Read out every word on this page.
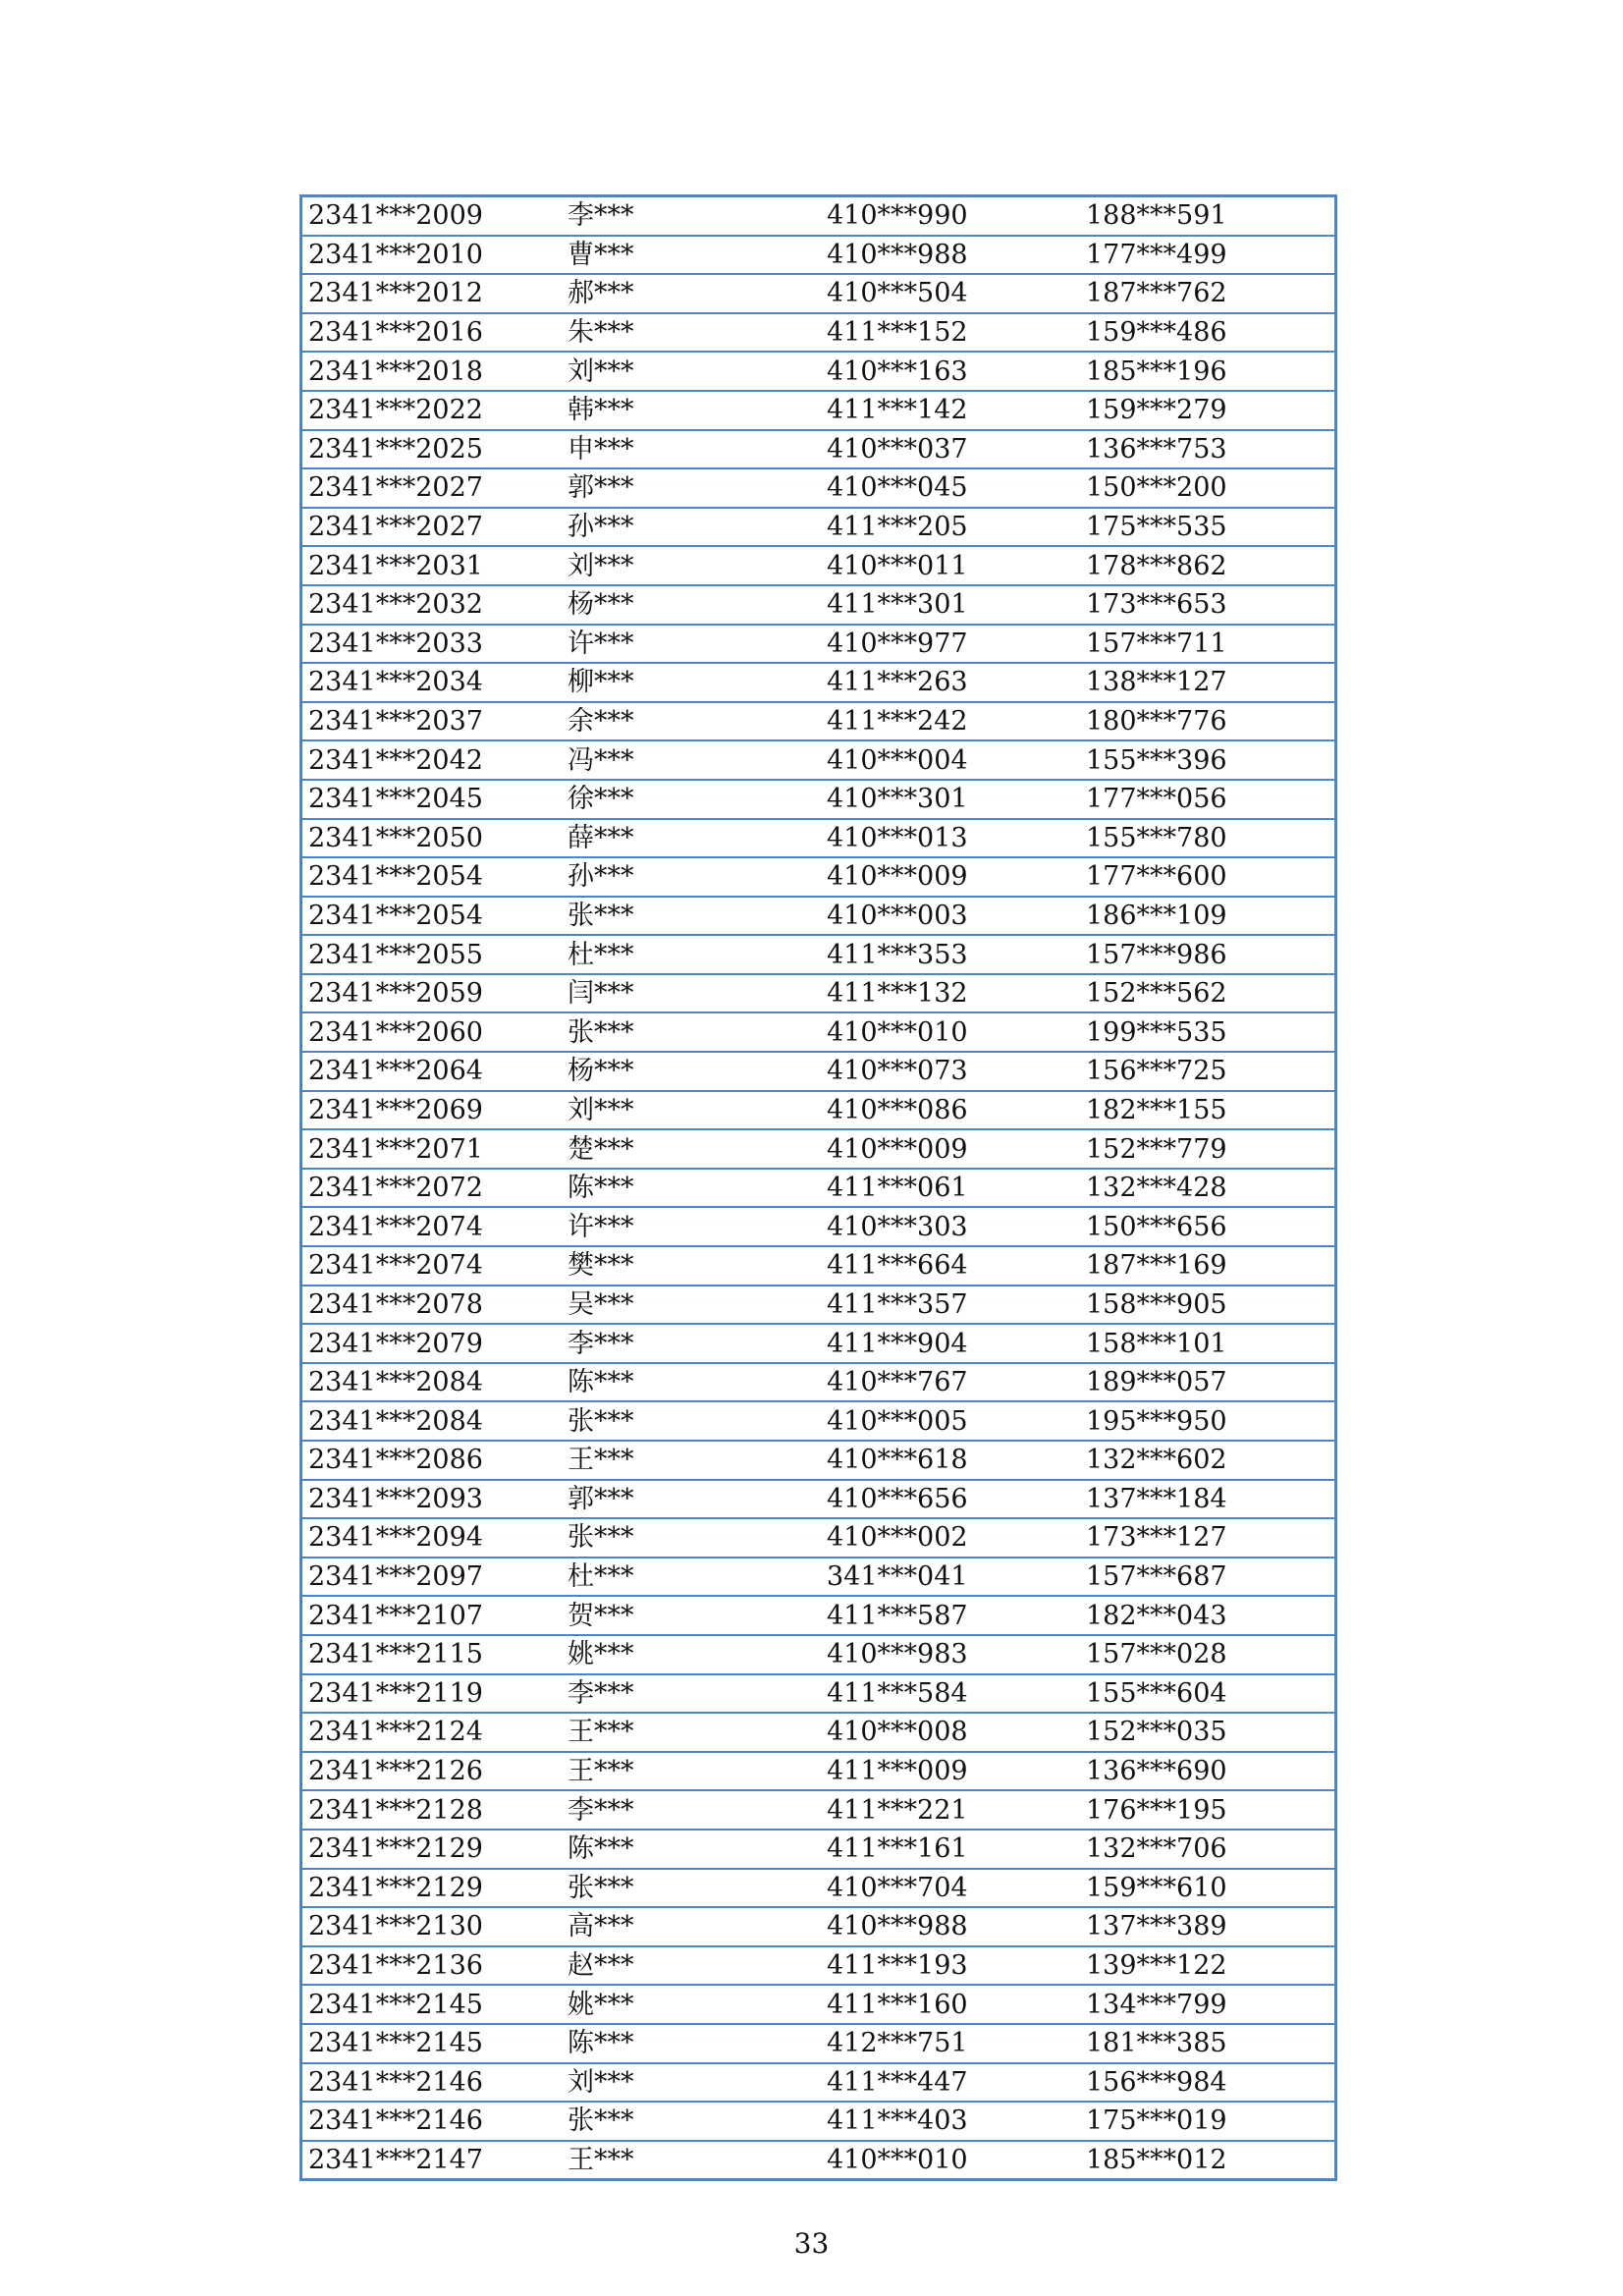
2341***2009	李***	410***990	188***591
2341***2010	曹***	410***988	177***499
2341***2012	郝***	410***504	187***762
2341***2016	朱***	411***152	159***486
2341***2018	刘***	410***163	185***196
2341***2022	韩***	411***142	159***279
2341***2025	申***	410***037	136***753
2341***2027	郭***	410***045	150***200
2341***2027	孙***	411***205	175***535
2341***2031	刘***	410***011	178***862
2341***2032	杨***	411***301	173***653
2341***2033	许***	410***977	157***711
2341***2034	柳***	411***263	138***127
2341***2037	余***	411***242	180***776
2341***2042	冯***	410***004	155***396
2341***2045	徐***	410***301	177***056
2341***2050	薛***	410***013	155***780
2341***2054	孙***	410***009	177***600
2341***2054	张***	410***003	186***109
2341***2055	杜***	411***353	157***986
2341***2059	闫***	411***132	152***562
2341***2060	张***	410***010	199***535
2341***2064	杨***	410***073	156***725
2341***2069	刘***	410***086	182***155
2341***2071	楚***	410***009	152***779
2341***2072	陈***	411***061	132***428
2341***2074	许***	410***303	150***656
2341***2074	樊***	411***664	187***169
2341***2078	吴***	411***357	158***905
2341***2079	李***	411***904	158***101
2341***2084	陈***	410***767	189***057
2341***2084	张***	410***005	195***950
2341***2086	王***	410***618	132***602
2341***2093	郭***	410***656	137***184
2341***2094	张***	410***002	173***127
2341***2097	杜***	341***041	157***687
2341***2107	贺***	411***587	182***043
2341***2115	姚***	410***983	157***028
2341***2119	李***	411***584	155***604
2341***2124	王***	410***008	152***035
2341***2126	王***	411***009	136***690
2341***2128	李***	411***221	176***195
2341***2129	陈***	411***161	132***706
2341***2129	张***	410***704	159***610
2341***2130	高***	410***988	137***389
2341***2136	赵***	411***193	139***122
2341***2145	姚***	411***160	134***799
2341***2145	陈***	412***751	181***385
2341***2146	刘***	411***447	156***984
2341***2146	张***	411***403	175***019
2341***2147	王***	410***010	185***012
33
